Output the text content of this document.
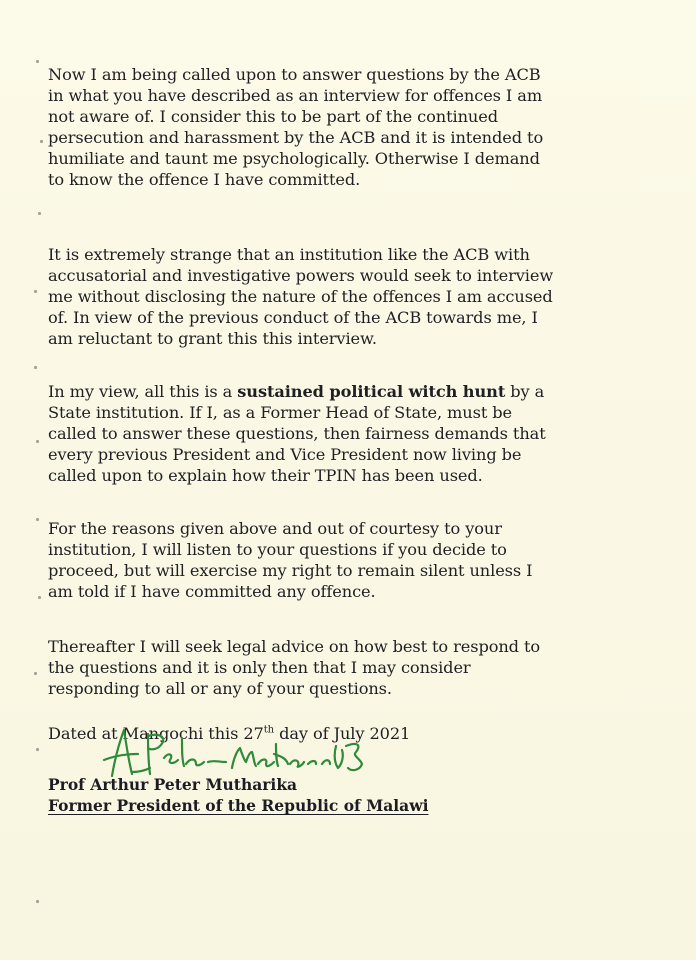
Now I am being called upon to answer questions by the ACB
in what you have described as an interview for offences I am
not aware of. I consider this to be part of the continued
persecution and harassment by the ACB and it is intended to
humiliate and taunt me psychologically. Otherwise I demand
to know the offence I have committed.

It is extremely strange that an institution like the ACB with
accusatorial and investigative powers would seek to interview
me without disclosing the nature of the offences I am accused
of. In view of the previous conduct of the ACB towards me, I
am reluctant to grant this this interview.

In my view, all this is a sustained political witch hunt by a
State institution. If I, as a Former Head of State, must be
called to answer these questions, then fairness demands that
every previous President and Vice President now living be
called upon to explain how their TPIN has been used.

For the reasons given above and out of courtesy to your
institution, I will listen to your questions if you decide to
proceed, but will exercise my right to remain silent unless I
am told if I have committed any offence.

Thereafter I will seek legal advice on how best to respond to
the questions and it is only then that I may consider
responding to all or any of your questions.

Dated at Mangochi this 27th day of July 2021

Prof Arthur Peter Mutharika
Former President of the Republic of Malawi
